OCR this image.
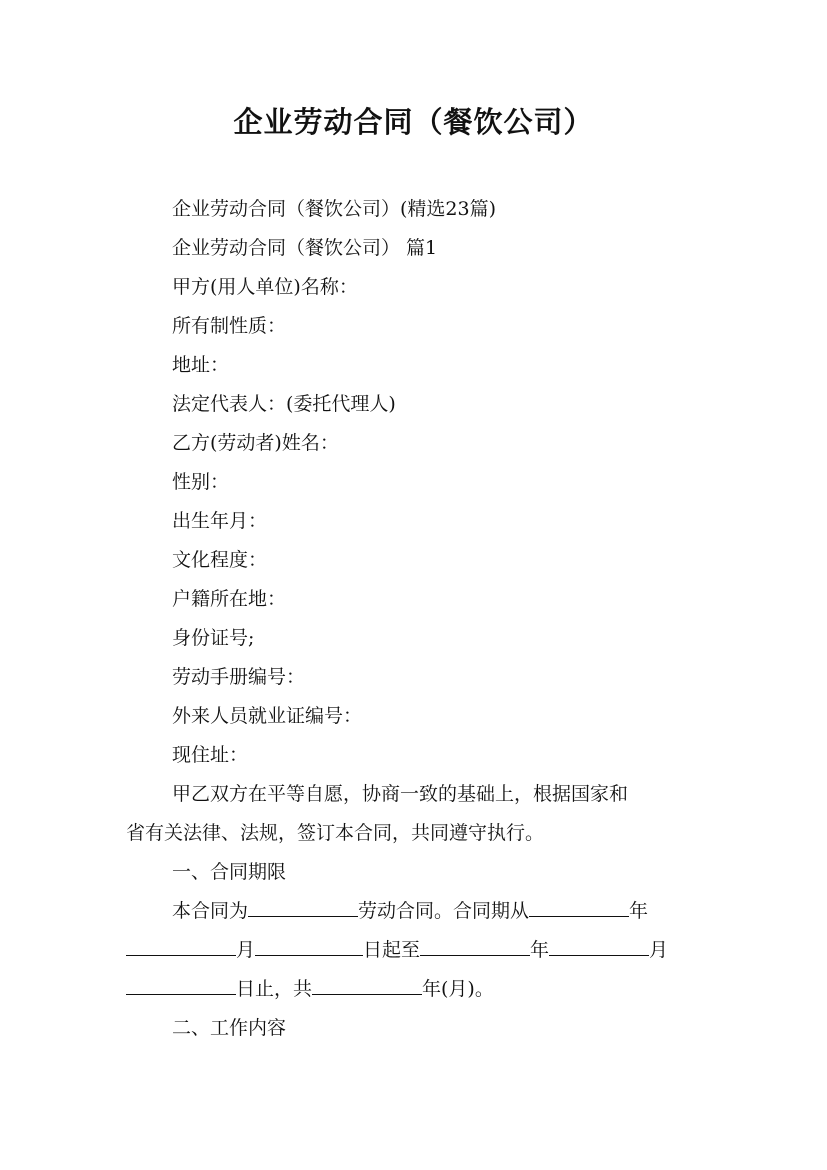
企业劳动合同（餐饮公司）
企业劳动合同（餐饮公司）(精选23篇)
企业劳动合同（餐饮公司） 篇1
甲方(用人单位)名称：
所有制性质：
地址：
法定代表人：(委托代理人)
乙方(劳动者)姓名：
性别：
出生年月：
文化程度：
户籍所在地：
身份证号;
劳动手册编号：
外来人员就业证编号：
现住址：
甲乙双方在平等自愿，协商一致的基础上，根据国家和
省有关法律、法规，签订本合同，共同遵守执行。
一、合同期限
本合同为	劳动合同。合同期从	年
月	日起至	年	月
日止，共	年(月)。
二、工作内容
